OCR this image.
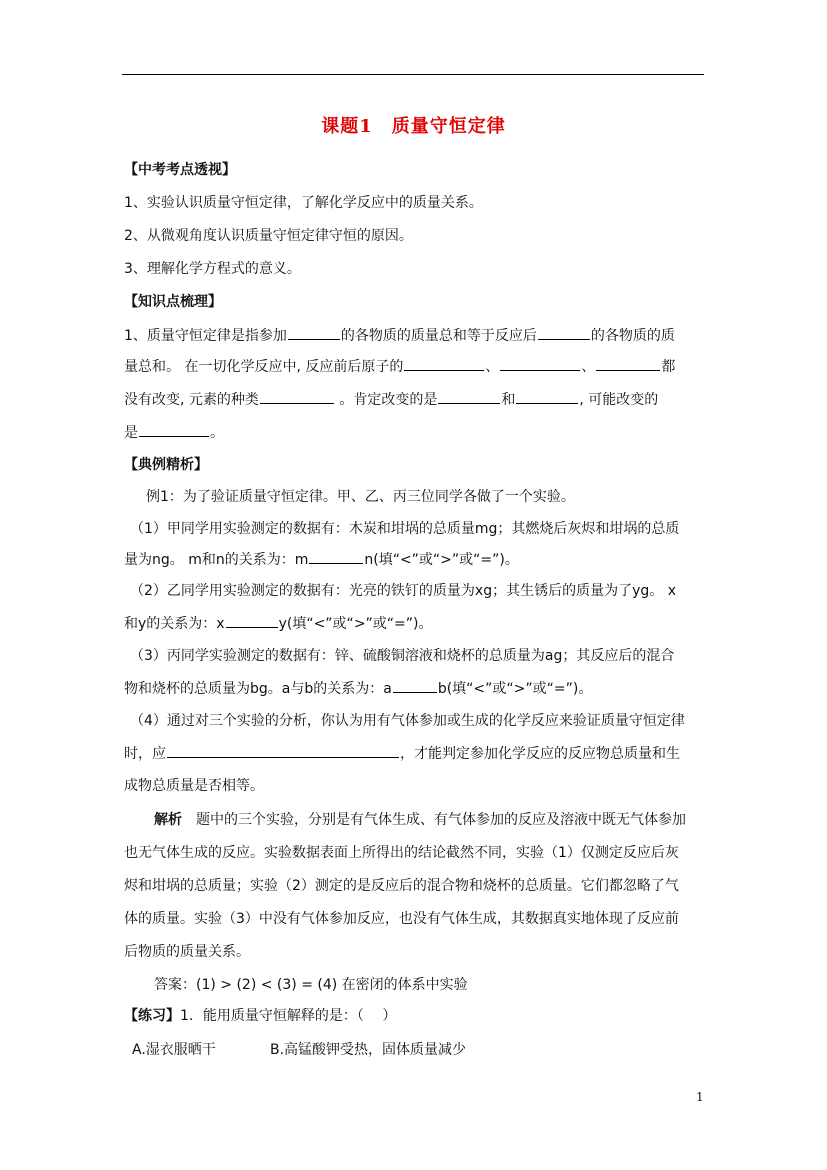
课题1　质量守恒定律
【中考考点透视】
1、实验认识质量守恒定律，了解化学反应中的质量关系。
2、从微观角度认识质量守恒定律守恒的原因。
3、理解化学方程式的意义。
【知识点梳理】
1、质量守恒定律是指参加	的各物质的质量总和等于反应后	的各物质的质
量总和。 在一切化学反应中, 反应前后原子的	、	、	都
没有改变, 元素的种类	。肯定改变的是	和	, 可能改变的
是	。
【典例精析】
例1：为了验证质量守恒定律。甲、乙、丙三位同学各做了一个实验。
（1）甲同学用实验测定的数据有：木炭和坩埚的总质量mg；其燃烧后灰烬和坩埚的总质
量为ng。 m和n的关系为：m	n(填“<”或“>”或“=”)。
（2）乙同学用实验测定的数据有：光亮的铁钉的质量为xg；其生锈后的质量为了yg。 x
和y的关系为：x	y(填“<”或“>”或“=”)。
（3）丙同学实验测定的数据有：锌、硫酸铜溶液和烧杯的总质量为ag；其反应后的混合
物和烧杯的总质量为bg。a与b的关系为：a	b(填“<”或“>”或“=”)。
（4）通过对三个实验的分析，你认为用有气体参加或生成的化学反应来验证质量守恒定律
时，应	，才能判定参加化学反应的反应物总质量和生
成物总质量是否相等。
解析　题中的三个实验，分别是有气体生成、有气体参加的反应及溶液中既无气体参加
也无气体生成的反应。实验数据表面上所得出的结论截然不同，实验（1）仅测定反应后灰
烬和坩埚的总质量；实验（2）测定的是反应后的混合物和烧杯的总质量。它们都忽略了气
体的质量。实验（3）中没有气体参加反应，也没有气体生成，其数据真实地体现了反应前
后物质的质量关系。
答案：(1) > (2) < (3) = (4) 在密闭的体系中实验
【练习】1．能用质量守恒解释的是：（　 ）
A.湿衣服晒干	B.高锰酸钾受热，固体质量减少
1
